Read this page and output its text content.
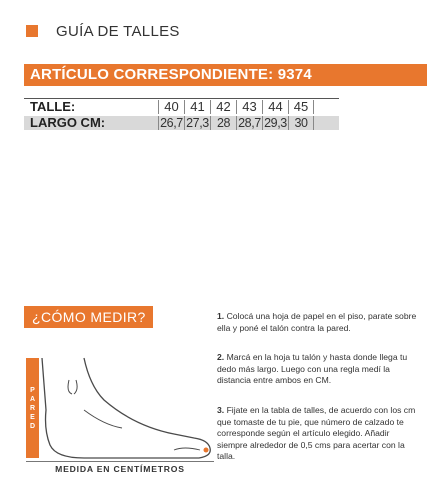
GUÍA DE TALLES
ARTÍCULO CORRESPONDIENTE: 9374
TALLE:	40 41 42 43 44 45
LARGO CM:	26,7 27,3 28 28,7 29,3 30
¿CÓMO MEDIR?
P
A
R
E
D
MEDIDA EN CENTÍMETROS
1. Colocá una hoja de papel en el piso, parate sobre ella y poné el talón contra la pared.
2. Marcá en la hoja tu talón y hasta donde llega tu dedo más largo. Luego con una regla medí la distancia entre ambos en CM.
3. Fijate en la tabla de talles, de acuerdo con los cm que tomaste de tu pie, que número de calzado te corresponde según el artículo elegido. Añadir siempre alrededor de 0,5 cms para acertar con la talla.
